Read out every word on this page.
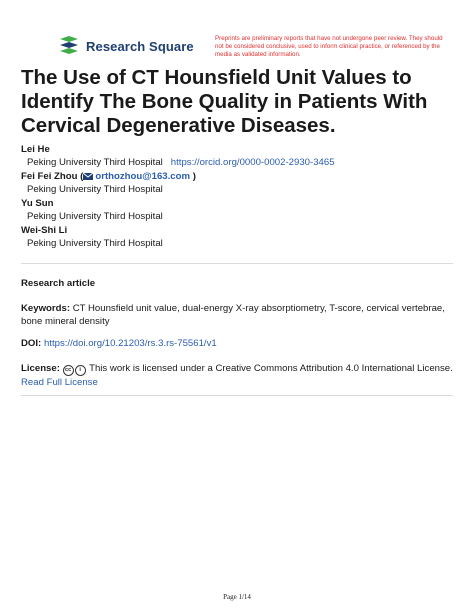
Research Square	Preprints are preliminary reports that have not undergone peer review. They should not be considered conclusive, used to inform clinical practice, or referenced by the media as validated information.
The Use of CT Hounsfield Unit Values to Identify The Bone Quality in Patients With Cervical Degenerative Diseases.
Lei He
Peking University Third Hospital https://orcid.org/0000-0002-2930-3465
Fei Fei Zhou ( orthozhou@163.com )
Peking University Third Hospital
Yu Sun
Peking University Third Hospital
Wei-Shi Li
Peking University Third Hospital
Research article
Keywords: CT Hounsfield unit value, dual-energy X-ray absorptiometry, T-score, cervical vertebrae, bone mineral density
DOI: https://doi.org/10.21203/rs.3.rs-75561/v1
License: cc i This work is licensed under a Creative Commons Attribution 4.0 International License.
Read Full License
Page 1/14
